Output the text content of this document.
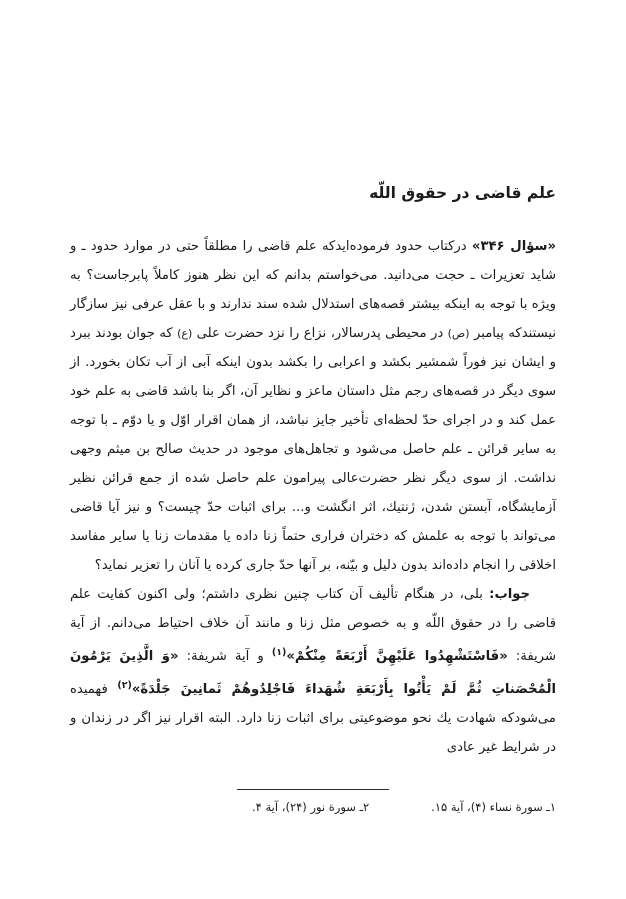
علم قاضى در حقوق اللّه

«سؤال ۳۴۶» دركتاب حدود فرموده‌ايدكه علم قاضى را مطلقاً حتى در موارد حدود ـ و شايد تعزيرات ـ حجت مى‌دانيد. مى‌خواستم بدانم كه اين نظر هنوز كاملاً پابرجاست؟ به ويژه با توجه به اينكه بيشتر قصه‌هاى استدلال شده سند ندارند و با عقل عرفى نيز سازگار نيستندكه پيامبر (ص) در محيطى پدرسالار، نزاع را نزد حضرت على (ع) كه جوان بودند ببرد و ايشان نيز فوراً شمشير بكشد و اعرابى را بكشد بدون اينكه آبى از آب تكان بخورد. از سوى ديگر در قصه‌هاى رجم مثل داستان ماعز و نظاير آن، اگر بنا باشد قاضى به علم خود عمل كند و در اجراى حدّ لحظه‌اى تأخير جايز نباشد، از همان اقرار اوّل و يا دوّم ـ با توجه به ساير قرائن ـ علم حاصل مى‌شود و تجاهل‌هاى موجود در حديث صالح بن ميثم وجهى نداشت. از سوى ديگر نظر حضرت‌عالى پيرامون علم حاصل شده از جمع قرائن نظير آزمايشگاه، آبستن شدن، ژنتيك، اثر انگشت و... براى اثبات حدّ چيست؟ و نيز آيا قاضى مى‌تواند با توجه به علمش كه دختران فرارى حتماً زنا داده يا مقدمات زنا يا ساير مفاسد اخلاقى را انجام داده‌اند بدون دليل و بيّنه، بر آنها حدّ جارى كرده يا آنان را تعزير نمايد؟

جواب: بلى، در هنگام تأليف آن كتاب چنين نظرى داشتم؛ ولى اكنون كفايت علم قاضى را در حقوق اللّه و به خصوص مثل زنا و مانند آن خلاف احتياط مى‌دانم. از آية شريفة: «فَاسْتَشْهِدُوا عَلَيْهِنَّ أَرْبَعَةً مِنْكُمْ»$^{(۱)}$ و آية شريفة: «وَ الَّذِينَ يَرْمُونَ الْمُحْصَناتِ ثُمَّ لَمْ يَأْتُوا بِأَرْبَعَةِ شُهَداءَ فَاجْلِدُوهُمْ ثَمانِينَ جَلْدَةً»$^{(۲)}$ فهميده مى‌شودكه شهادت يك نحو موضوعيتى براى اثبات زنا دارد. البته اقرار نيز اگر در زندان و در شرايط غير عادى

۱ـ سورة نساء (۴)، آية ۱۵.
۲ـ سورة نور (۲۴)، آية ۴.
